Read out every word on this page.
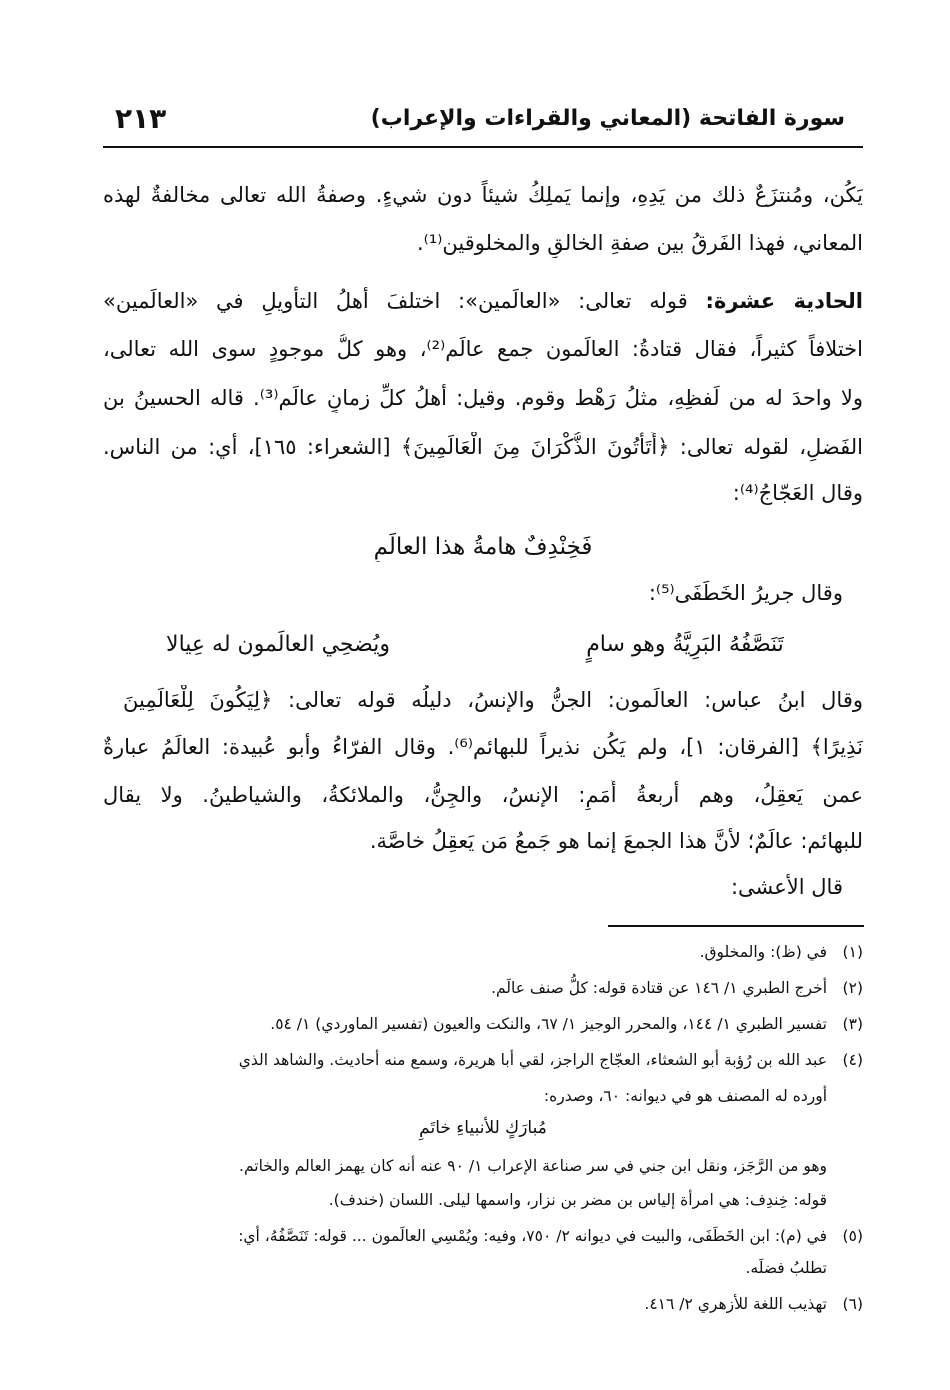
سورة الفاتحة (المعاني والقراءات والإعراب)
٢١٣
يَكُن، ومُنتزَعٌ ذلك من يَدِهِ، وإنما يَملِكُ شيئاً دون شيءٍ. وصفةُ الله تعالى مخالفةٌ لهذه
المعاني، فهذا الفَرقُ بين صفةِ الخالقِ والمخلوقين⁽¹⁾.
الحادية عشرة: قوله تعالى: «العالَمين»: اختلفَ أهلُ التأويلِ في «العالَمين»
اختلافاً كثيراً، فقال قتادةُ: العالَمون جمع عالَم⁽²⁾، وهو كلُّ موجودٍ سوى الله تعالى،
ولا واحدَ له من لَفظِهِ، مثلُ رَهْط وقوم. وقيل: أهلُ كلِّ زمانٍ عالَم⁽³⁾. قاله الحسينُ بن
الفَضلِ، لقوله تعالى: ﴿أَتَأْتُونَ الذُّكْرَانَ مِنَ الْعَالَمِينَ﴾ [الشعراء: ١٦٥]، أي: من الناس.
وقال العَجّاجُ⁽⁴⁾:
فَخِنْدِفٌ هامةُ هذا العالَمِ
وقال جريرُ الخَطَفَى⁽⁵⁾:
تَنَصَّفُهُ البَرِيَّةُ وهو سامٍ
ويُضحِي العالَمون له عِيالا
وقال ابنُ عباس: العالَمون: الجنُّ والإنسُ، دليلُه قوله تعالى: ﴿لِيَكُونَ لِلْعَالَمِينَ
نَذِيرًا﴾ [الفرقان: ١]، ولم يَكُن نذيراً للبهائم⁽⁶⁾. وقال الفرّاءُ وأبو عُبيدة: العالَمُ عبارةٌ
عمن يَعقِلُ، وهم أربعةُ أُمَمٍ: الإنسُ، والجِنُّ، والملائكةُ، والشياطينُ. ولا يقال
للبهائم: عالَمٌ؛ لأنَّ هذا الجمعَ إنما هو جَمعُ مَن يَعقِلُ خاصَّة.
قال الأعشى:
(١)في (ظ): والمخلوق.
(٢)أخرج الطبري ١/ ١٤٦ عن قتادة قوله: كلُّ صنف عالَم.
(٣)تفسير الطبري ١/ ١٤٤، والمحرر الوجيز ١/ ٦٧، والنكت والعيون (تفسير الماوردي) ١/ ٥٤.
(٤)عبد الله بن رُؤبة أبو الشعثاء، العجّاج الراجز، لقي أبا هريرة، وسمع منه أحاديث. والشاهد الذي
أورده له المصنف هو في ديوانه: ٦٠، وصدره:
مُبارَكٍ للأنبياءِ خاتَمِ
وهو من الرَّجَز، ونقل ابن جني في سر صناعة الإعراب ١/ ٩٠ عنه أنه كان يهمز العالم والخاتم.
قوله: خِندِف: هي امرأة إلياس بن مضر بن نزار، واسمها ليلى. اللسان (خندف).
(٥)في (م): ابن الخَطَفَى، والبيت في ديوانه ٢/ ٧٥٠، وفيه: ويُمْسِي العالَمون ... قوله: تَنَصَّفُهُ، أي:
تطلبُ فضلَه.
(٦)تهذيب اللغة للأزهري ٢/ ٤١٦.
